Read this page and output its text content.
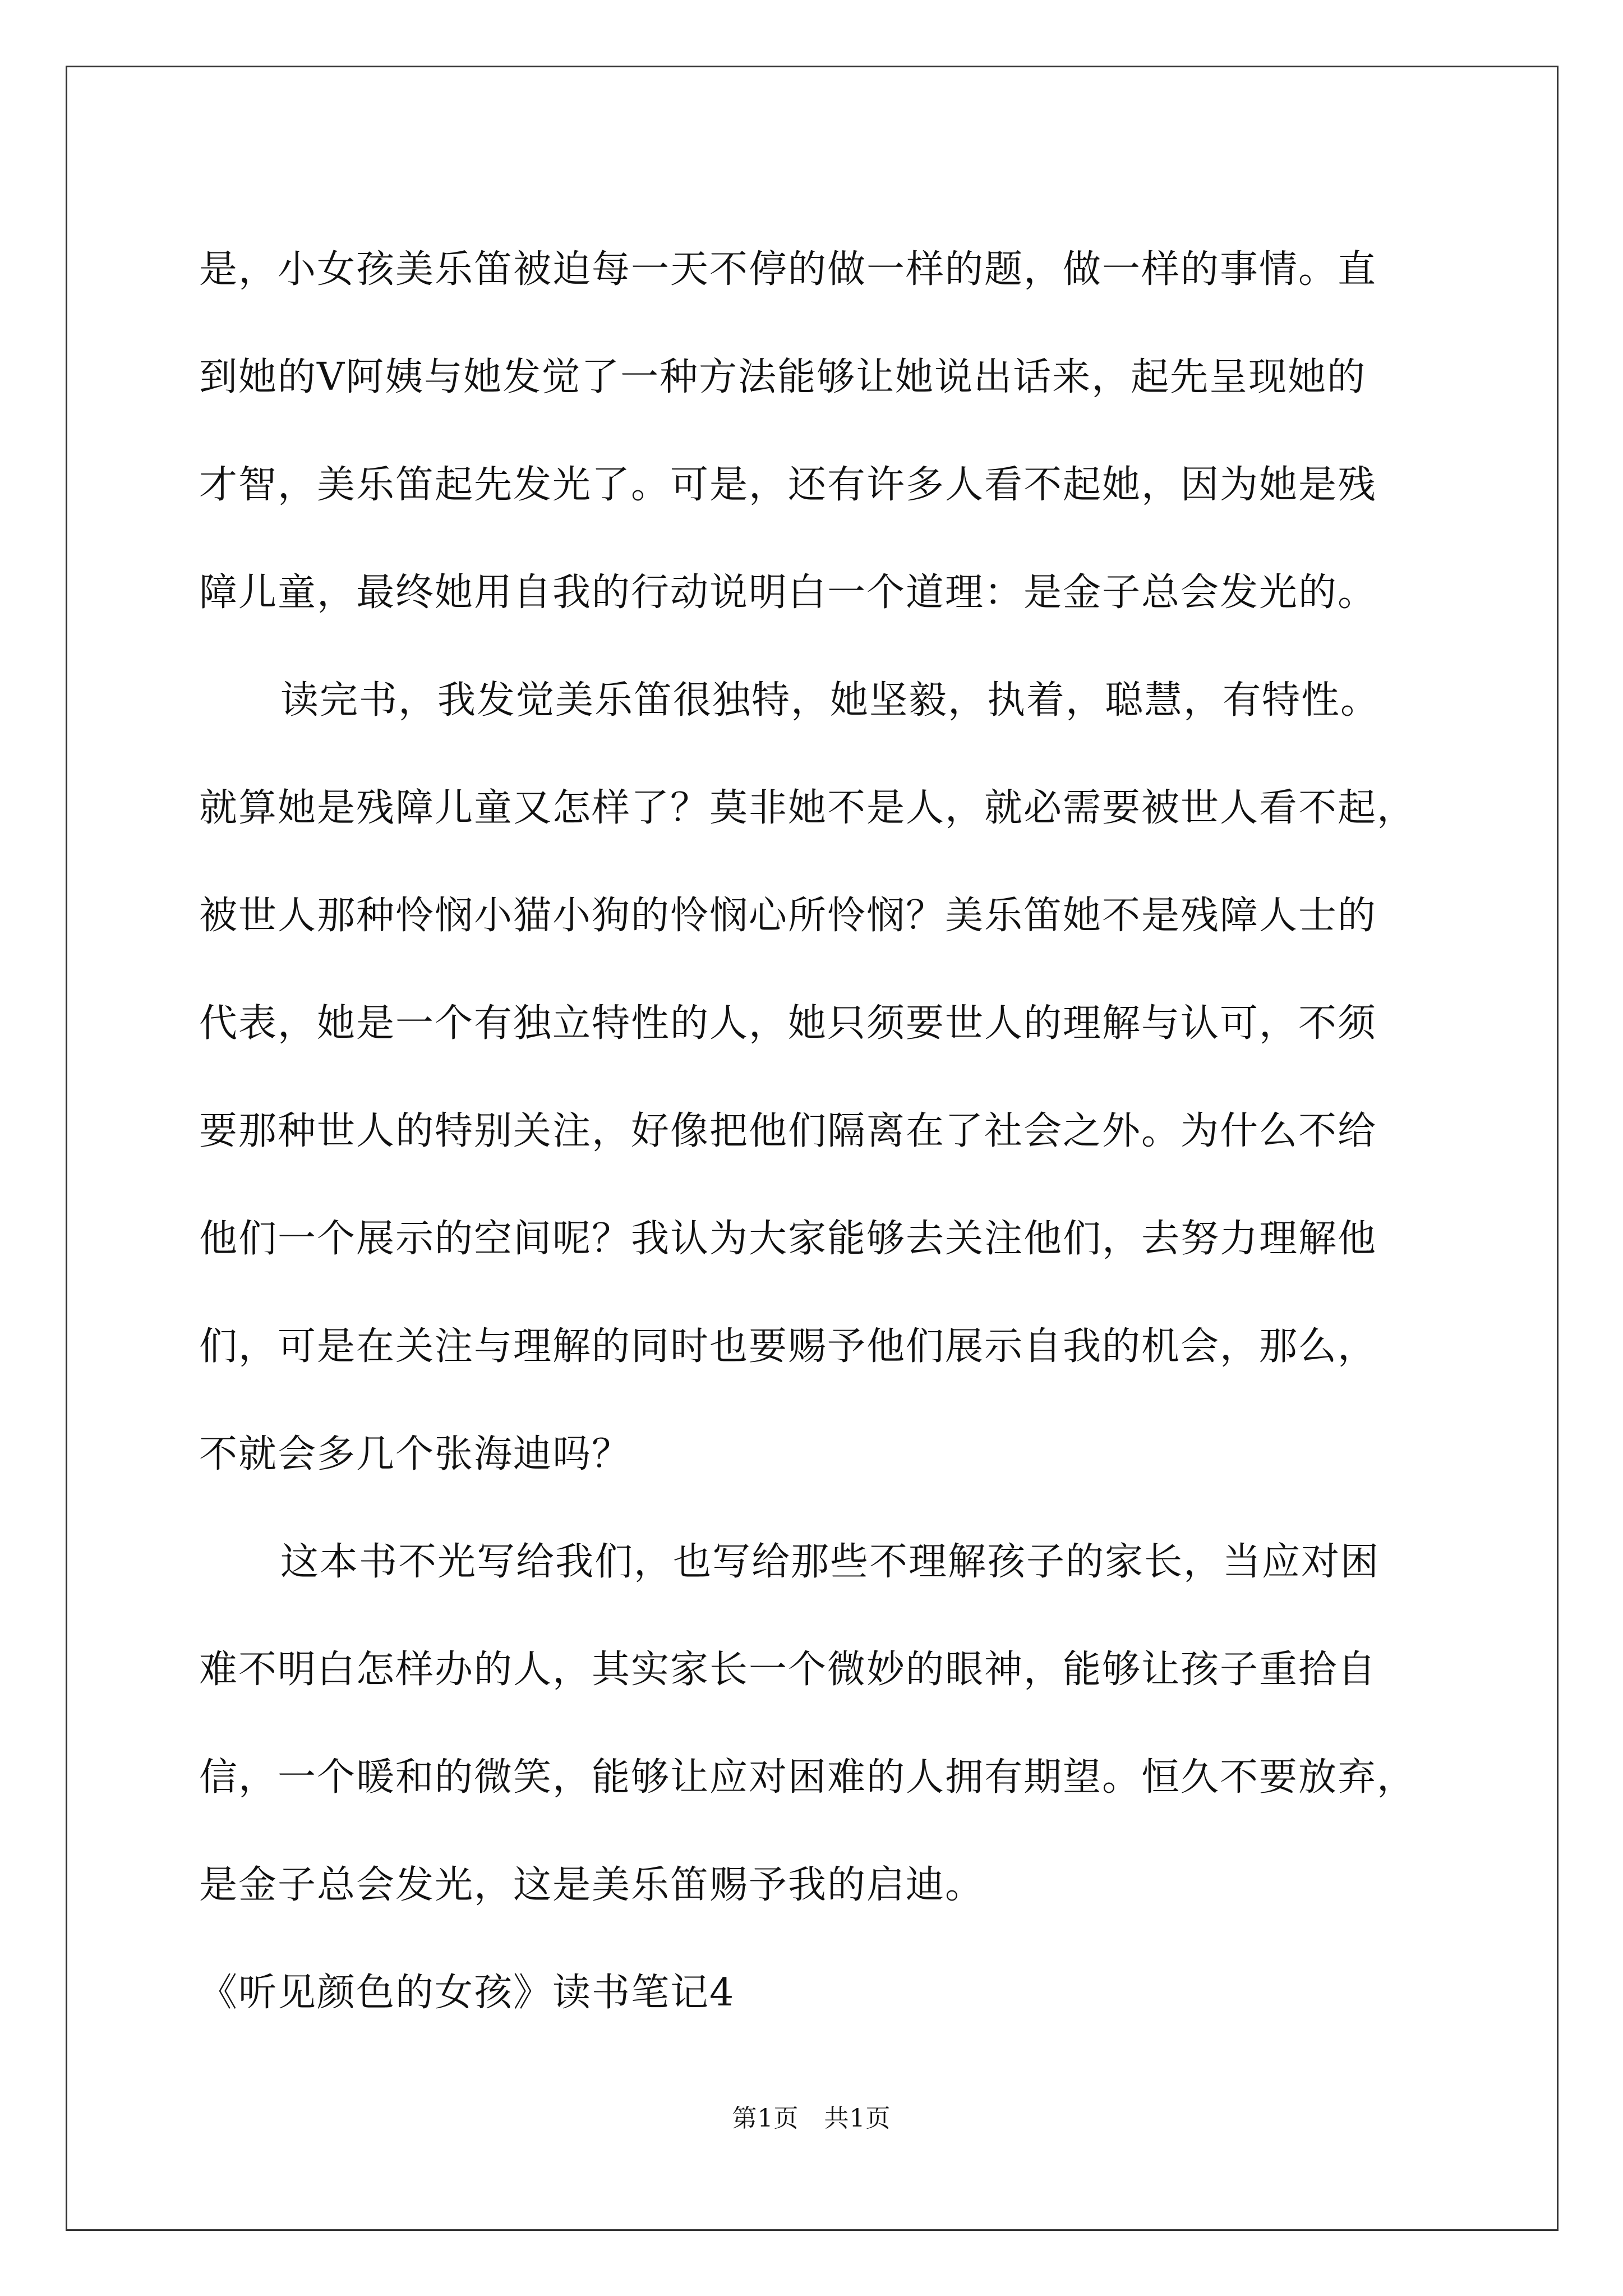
是，小女孩美乐笛被迫每一天不停的做一样的题，做一样的事情。直
到她的V阿姨与她发觉了一种方法能够让她说出话来，起先呈现她的
才智，美乐笛起先发光了。可是，还有许多人看不起她，因为她是残
障儿童，最终她用自我的行动说明白一个道理：是金子总会发光的。
读完书，我发觉美乐笛很独特，她坚毅，执着，聪慧，有特性。
就算她是残障儿童又怎样了？莫非她不是人，就必需要被世人看不起，
被世人那种怜悯小猫小狗的怜悯心所怜悯？美乐笛她不是残障人士的
代表，她是一个有独立特性的人，她只须要世人的理解与认可，不须
要那种世人的特别关注，好像把他们隔离在了社会之外。为什么不给
他们一个展示的空间呢？我认为大家能够去关注他们，去努力理解他
们，可是在关注与理解的同时也要赐予他们展示自我的机会，那么，
不就会多几个张海迪吗？
这本书不光写给我们，也写给那些不理解孩子的家长，当应对困
难不明白怎样办的人，其实家长一个微妙的眼神，能够让孩子重拾自
信，一个暖和的微笑，能够让应对困难的人拥有期望。恒久不要放弃，
是金子总会发光，这是美乐笛赐予我的启迪。
《听见颜色的女孩》读书笔记4
第1页　共1页
